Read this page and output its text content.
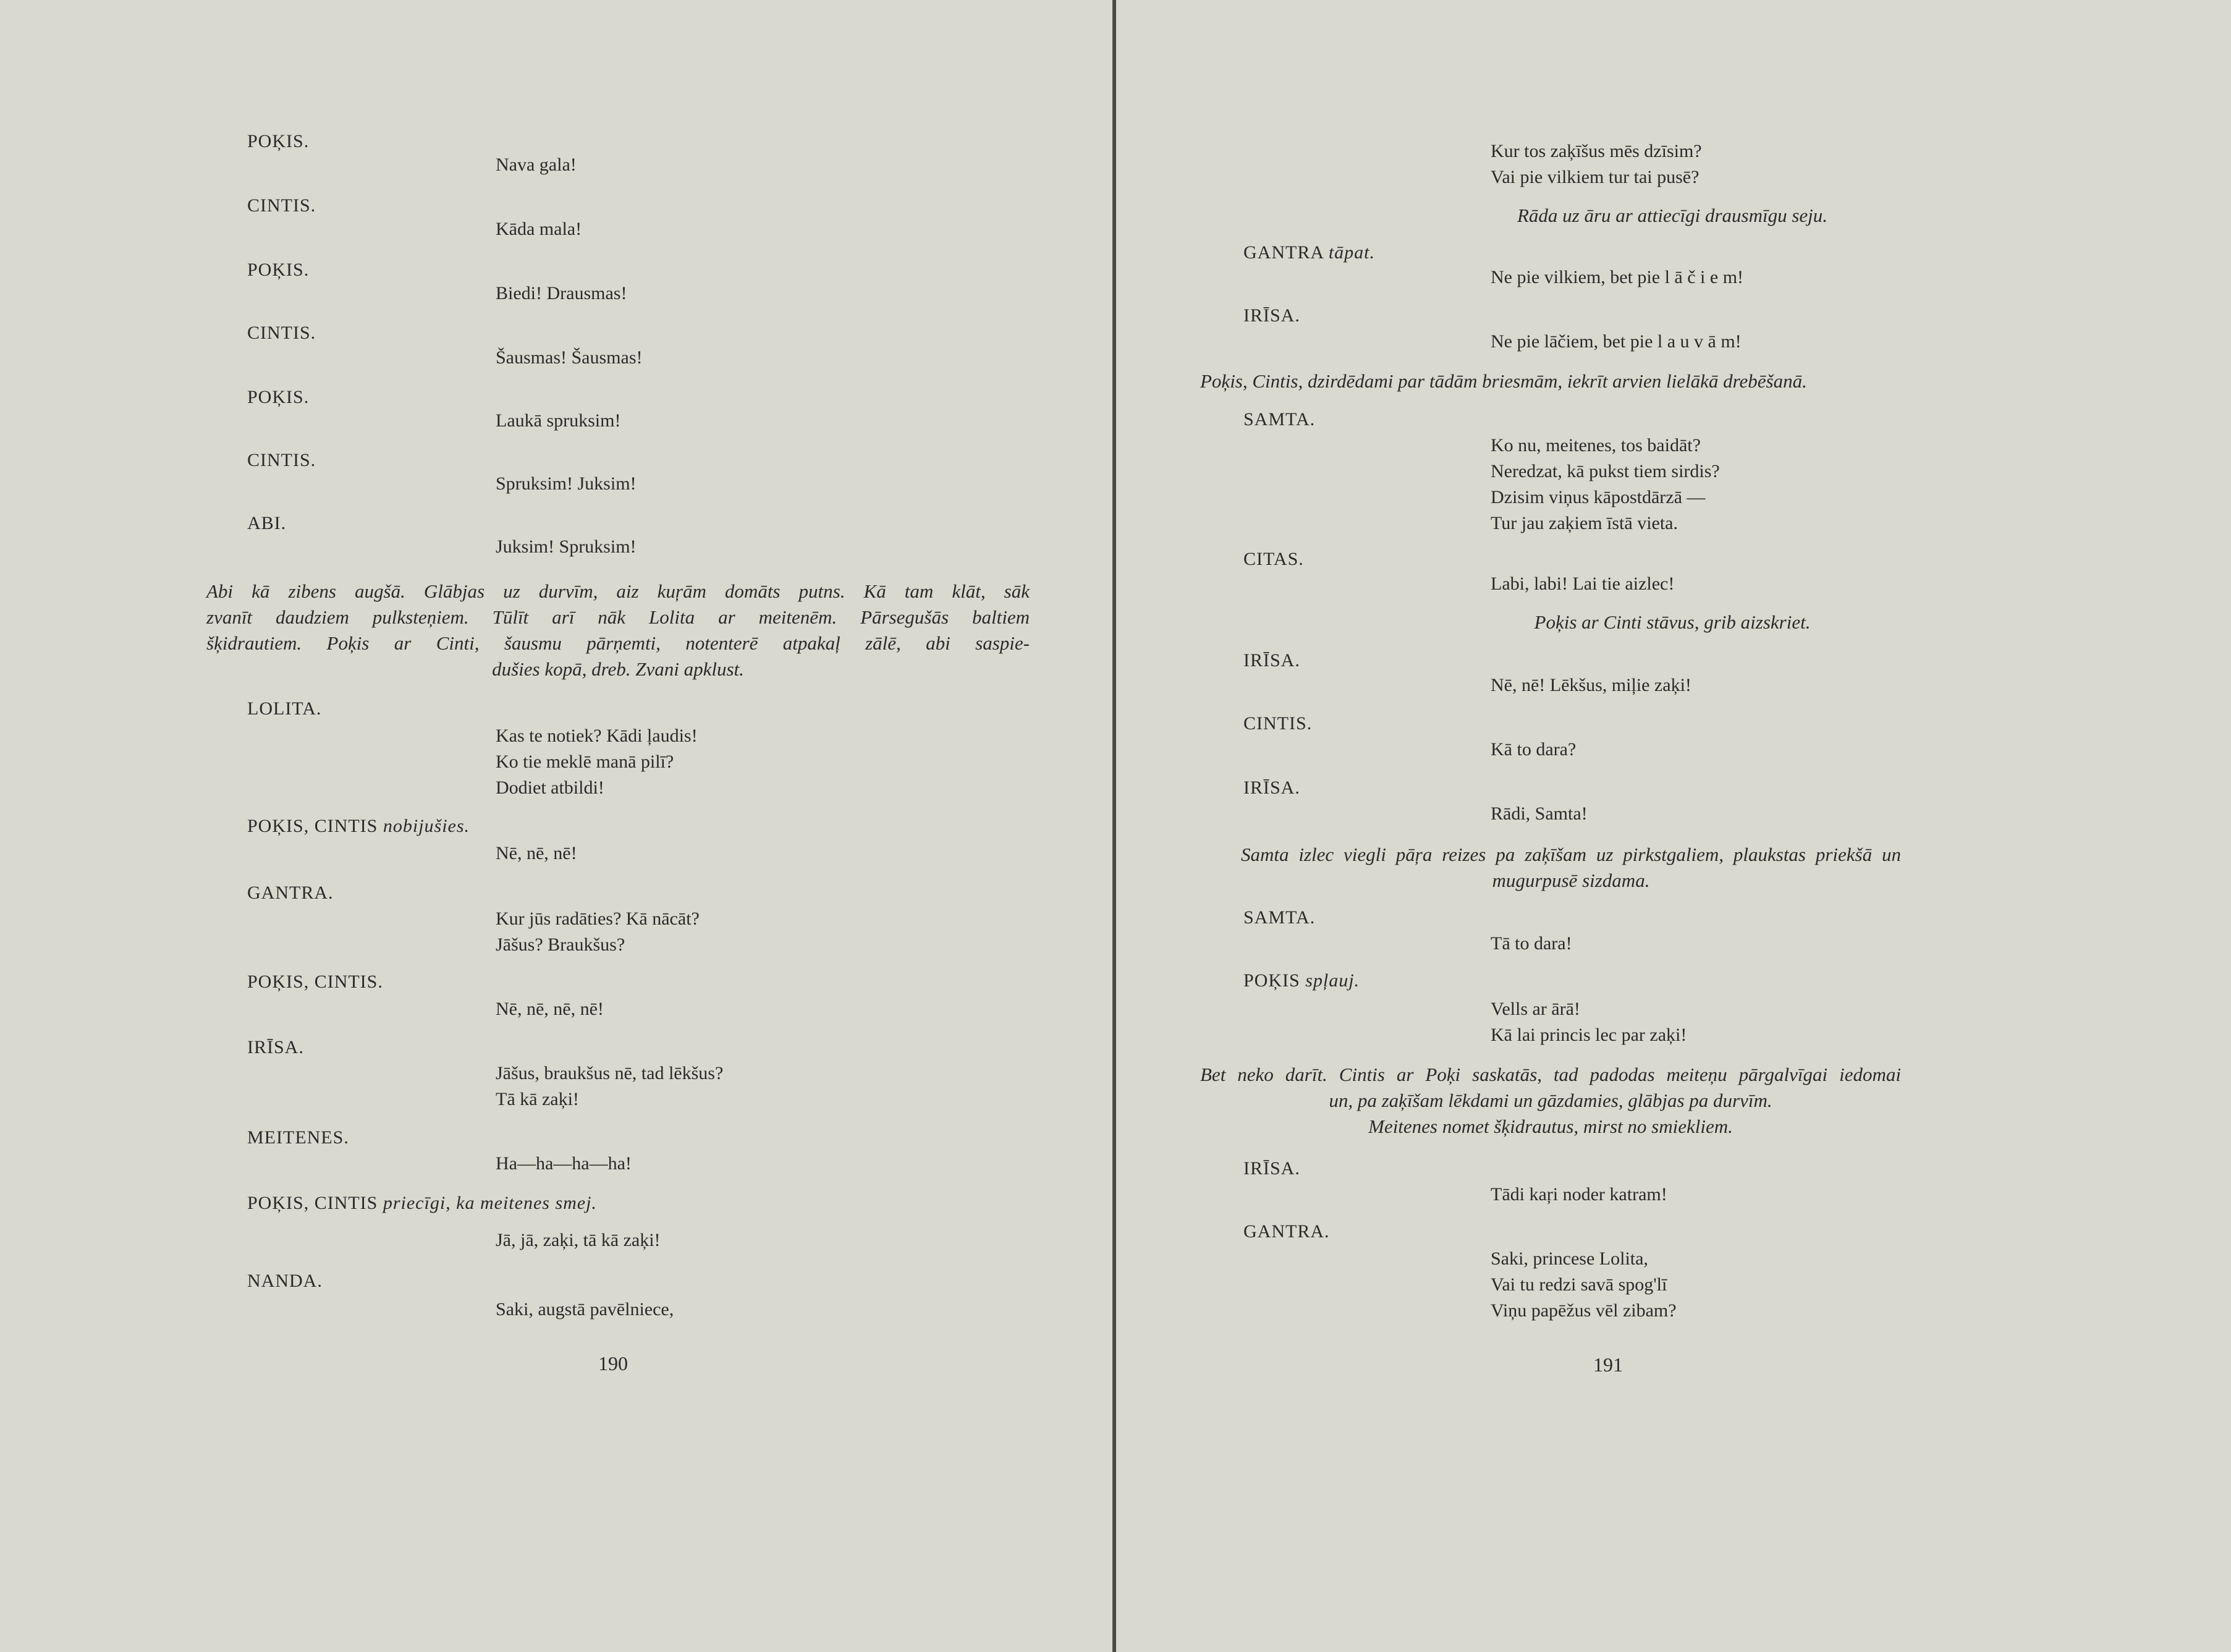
POĶIS.
Nava gala!
CINTIS.
Kāda mala!
POĶIS.
Biedi! Drausmas!
CINTIS.
Šausmas! Šausmas!
POĶIS.
Laukā spruksim!
CINTIS.
Spruksim! Juksim!
ABI.
Juksim! Spruksim!

Abi kā zibens augšā. Glābjas uz durvīm, aiz kuŗām domāts putns. Kā tam klāt, sāk

zvanīt daudziem pulksteņiem. Tūlīt arī nāk Lolita ar meitenēm. Pārsegušās baltiem

šķidrautiem. Poķis ar Cinti, šausmu pārņemti, notenterē atpakaļ zālē, abi saspie-

dušies kopā, dreb. Zvani apklust.

LOLITA.

Kas te notiek? Kādi ļaudis!

Ko tie meklē manā pilī?

Dodiet atbildi!

POĶIS, CINTIS nobijušies.
Nē, nē, nē!
GANTRA.

Kur jūs radāties? Kā nācāt?

Jāšus? Braukšus?

POĶIS, CINTIS.
Nē, nē, nē, nē!
IRĪSA.

Jāšus, braukšus nē, tad lēkšus?

Tā kā zaķi!

MEITENES.
Ha—ha—ha—ha!
POĶIS, CINTIS priecīgi, ka meitenes smej.
Jā, jā, zaķi, tā kā zaķi!
NANDA.
Saki, augstā pavēlniece,
190

Kur tos zaķīšus mēs dzīsim?

Vai pie vilkiem tur tai pusē?

Rāda uz āru ar attiecīgi drausmīgu seju.

GANTRA tāpat.
Ne pie vilkiem, bet pie l ā č i e m!
IRĪSA.
Ne pie lāčiem, bet pie l a u v ā m!

Poķis, Cintis, dzirdēdami par tādām briesmām, iekrīt arvien lielākā drebēšanā.

SAMTA.

Ko nu, meitenes, tos baidāt?

Neredzat, kā pukst tiem sirdis?

Dzisim viņus kāpostdārzā —

Tur jau zaķiem īstā vieta.

CITAS.
Labi, labi! Lai tie aizlec!

Poķis ar Cinti stāvus, grib aizskriet.

IRĪSA.
Nē, nē! Lēkšus, miļie zaķi!
CINTIS.
Kā to dara?
IRĪSA.
Rādi, Samta!

Samta izlec viegli pāŗa reizes pa zaķīšam uz pirkstgaliem, plaukstas priekšā un

mugurpusē sizdama.

SAMTA.
Tā to dara!
POĶIS spļauj.

Vells ar ārā!

Kā lai princis lec par zaķi!

Bet neko darīt. Cintis ar Poķi saskatās, tad padodas meiteņu pārgalvīgai iedomai

un, pa zaķīšam lēkdami un gāzdamies, glābjas pa durvīm.

Meitenes nomet šķidrautus, mirst no smiekliem.

IRĪSA.
Tādi kaŗi noder katram!
GANTRA.

Saki, princese Lolita,

Vai tu redzi savā spog'lī

Viņu papēžus vēl zibam?

191
